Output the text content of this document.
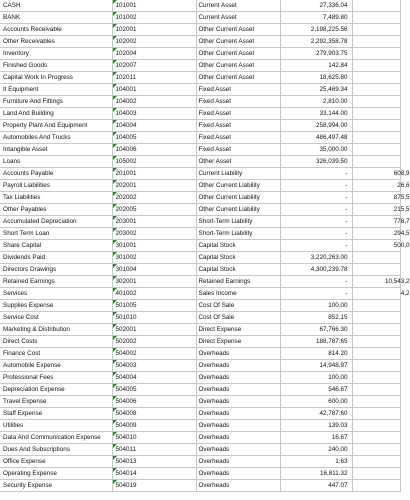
CASH	101001	Current Asset	27,336.04	
BANK	101002	Current Asset	7,489.80	
Accounts Receivable	102001	Other Current Asset	2,198,225.56	
Other Receivables	102002	Other Current Asset	2,292,358.78	
Inventory	102004	Other Current Asset	279,903.75	
Finished Goods	102007	Other Current Asset	142.84	
Capital Work In Progress	102011	Other Current Asset	18,625.80	
It Equipment	104001	Fixed Asset	25,469.34	
Furniture And Fittings	104002	Fixed Asset	2,810.00	
Land And Building	104003	Fixed Asset	33,144.00	
Property Plant And Equipment	104004	Fixed Asset	258,994.00	
Automobiles And Trucks	104005	Fixed Asset	486,497.48	
Intangible Asset	104006	Fixed Asset	35,000.00	
Loans	105002	Other Asset	326,039.50	
Accounts Payable	201001	Current Liability	-	608,9
Payroll Liabilities	202001	Other Current Liability	-	26,6
Tax Liabilities	202002	Other Current Liability	-	875,5
Other Payables	202005	Other Current Liability	-	215,5
Accumulated Depreciation	203001	Short-Term Liability	-	778,7
Short Term Loan	203002	Short-Term Liability	-	294,5
Share Capital	301001	Capital Stock	-	500,0
Dividends Paid	301002	Capital Stock	3,220,263.00	
Directors Drawings	301004	Capital Stock	4,300,239.78	
Retained Earnings	302001	Retained Earnings	-	10,543,2
Services	401002	Sales Income	-	4,2
Supplies Expense	501005	Cost Of Sale	100.00	
Service Cost	501010	Cost Of Sale	852.15	
Marketing & Distribution	502001	Direct Expense	67,766.30	
Direct Costs	502002	Direct Expense	188,787.65	
Finance Cost	504002	Overheads	814.20	
Automobile Expense	504003	Overheads	14,948.97	
Professional Fees	504004	Overheads	100.00	
Depreciation Expense	504005	Overheads	546.67	
Travel Expense	504006	Overheads	600.00	
Staff Expense	504008	Overheads	42,787.60	
Utilities	504009	Overheads	139.03	
Data And Communication Expense	504010	Overheads	16.67	
Dues And Subscriptions	504011	Overheads	240.00	
Office Expense	504013	Overheads	1.63	
Operating Expense	504014	Overheads	16,811.32	
Security Expense	504019	Overheads	447.07	
